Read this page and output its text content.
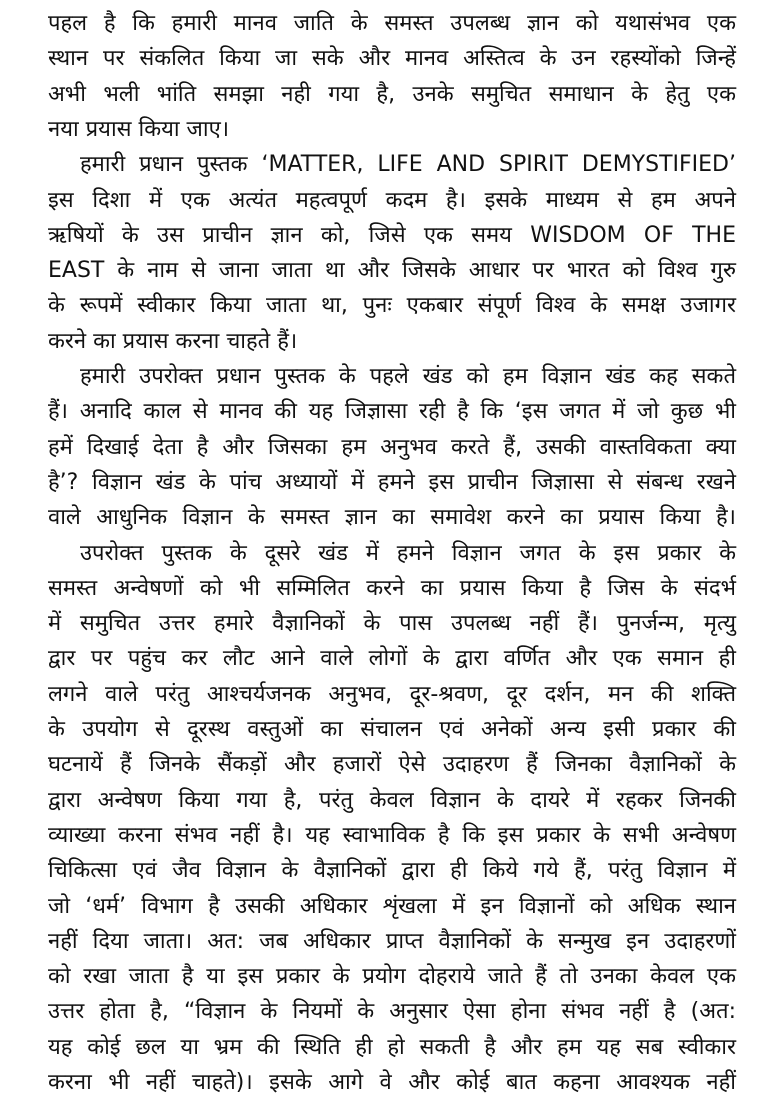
पहल है कि हमारी मानव जाति के समस्त उपलब्ध ज्ञान को यथासंभव एक
स्थान पर संकलित किया जा सके और मानव अस्तित्व के उन रहस्योंको जिन्हें
अभी भली भांति समझा नही गया है, उनके समुचित समाधान के हेतु एक
नया प्रयास किया जाए।
हमारी प्रधान पुस्तक ‘MATTER, LIFE AND SPIRIT DEMYSTIFIED’
इस दिशा में एक अत्यंत महत्वपूर्ण कदम है। इसके माध्यम से हम अपने
ऋषियों के उस प्राचीन ज्ञान को, जिसे एक समय WISDOM OF THE
EAST के नाम से जाना जाता था और जिसके आधार पर भारत को विश्व गुरु
के रूपमें स्वीकार किया जाता था, पुनः एकबार संपूर्ण विश्व के समक्ष उजागर
करने का प्रयास करना चाहते हैं।
हमारी उपरोक्त प्रधान पुस्तक के पहले खंड को हम विज्ञान खंड कह सकते
हैं। अनादि काल से मानव की यह जिज्ञासा रही है कि ‘इस जगत में जो कुछ भी
हमें दिखाई देता है और जिसका हम अनुभव करते हैं, उसकी वास्तविकता क्या
है’? विज्ञान खंड के पांच अध्यायों में हमने इस प्राचीन जिज्ञासा से संबन्ध रखने
वाले आधुनिक विज्ञान के समस्त ज्ञान का समावेश करने का प्रयास किया है।
उपरोक्त पुस्तक के दूसरे खंड में हमने विज्ञान जगत के इस प्रकार के
समस्त अन्वेषणों को भी सम्मिलित करने का प्रयास किया है जिस के संदर्भ
में समुचित उत्तर हमारे वैज्ञानिकों के पास उपलब्ध नहीं हैं। पुनर्जन्म, मृत्यु
द्वार पर पहुंच कर लौट आने वाले लोगों के द्वारा वर्णित और एक समान ही
लगने वाले परंतु आश्चर्यजनक अनुभव, दूर-श्रवण, दूर दर्शन, मन की शक्ति
के उपयोग से दूरस्थ वस्तुओं का संचालन एवं अनेकों अन्य इसी प्रकार की
घटनायें हैं जिनके सैंकड़ों और हजारों ऐसे उदाहरण हैं जिनका वैज्ञानिकों के
द्वारा अन्वेषण किया गया है, परंतु केवल विज्ञान के दायरे में रहकर जिनकी
व्याख्या करना संभव नहीं है। यह स्वाभाविक है कि इस प्रकार के सभी अन्वेषण
चिकित्सा एवं जैव विज्ञान के वैज्ञानिकों द्वारा ही किये गये हैं, परंतु विज्ञान में
जो ‘धर्म’ विभाग है उसकी अधिकार शृंखला में इन विज्ञानों को अधिक स्थान
नहीं दिया जाता। अत: जब अधिकार प्राप्त वैज्ञानिकों के सन्मुख इन उदाहरणों
को रखा जाता है या इस प्रकार के प्रयोग दोहराये जाते हैं तो उनका केवल एक
उत्तर होता है, “विज्ञान के नियमों के अनुसार ऐसा होना संभव नहीं है (अत:
यह कोई छल या भ्रम की स्थिति ही हो सकती है और हम यह सब स्वीकार
करना भी नहीं चाहते)। इसके आगे वे और कोई बात कहना आवश्यक नहीं
